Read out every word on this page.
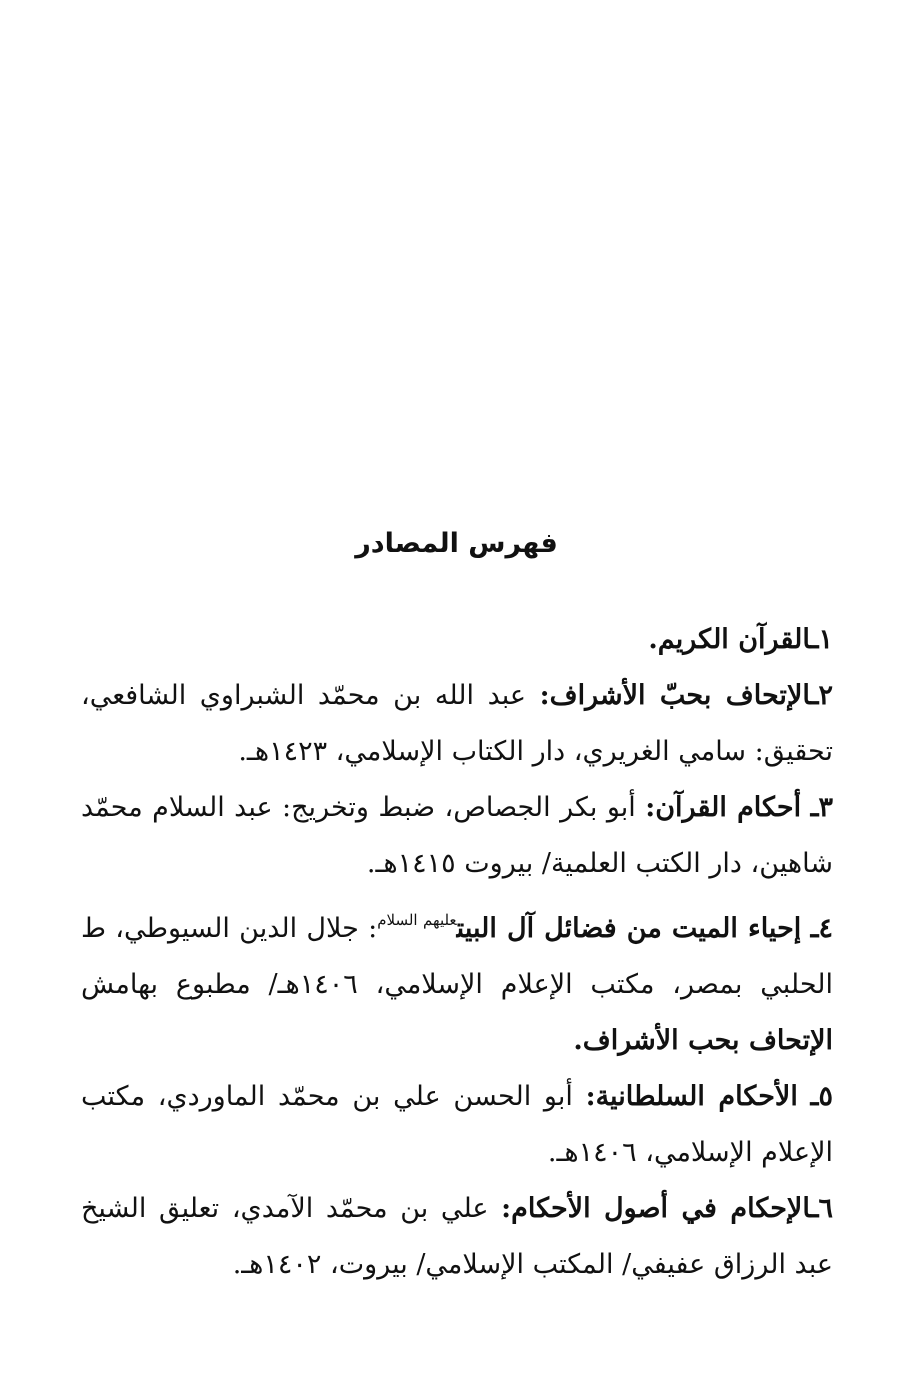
فهرس المصادر

١ـالقرآن الكريم.

٢ـالإتحاف بحبّ الأشراف: عبد الله بن محمّد الشبراوي الشافعي، تحقيق: سامي الغريري، دار الكتاب الإسلامي، ١٤٢٣هـ.

٣ـ أحكام القرآن: أبو بكر الجصاص، ضبط وتخريج: عبد السلام محمّد شاهين، دار الكتب العلمية/ بيروت ١٤١٥هـ.

٤ـ إحياء الميت من فضائل آل البيت$^{عليهم السلام}$: جلال الدين السيوطي، ط الحلبي بمصر، مكتب الإعلام الإسلامي، ١٤٠٦هـ/ مطبوع بهامش الإتحاف بحب الأشراف.

٥ـ الأحكام السلطانية: أبو الحسن علي بن محمّد الماوردي، مكتب الإعلام الإسلامي، ١٤٠٦هـ.

٦ـالإحكام في أصول الأحكام: علي بن محمّد الآمدي، تعليق الشيخ عبد الرزاق عفيفي/ المكتب الإسلامي/ بيروت، ١٤٠٢هـ.
